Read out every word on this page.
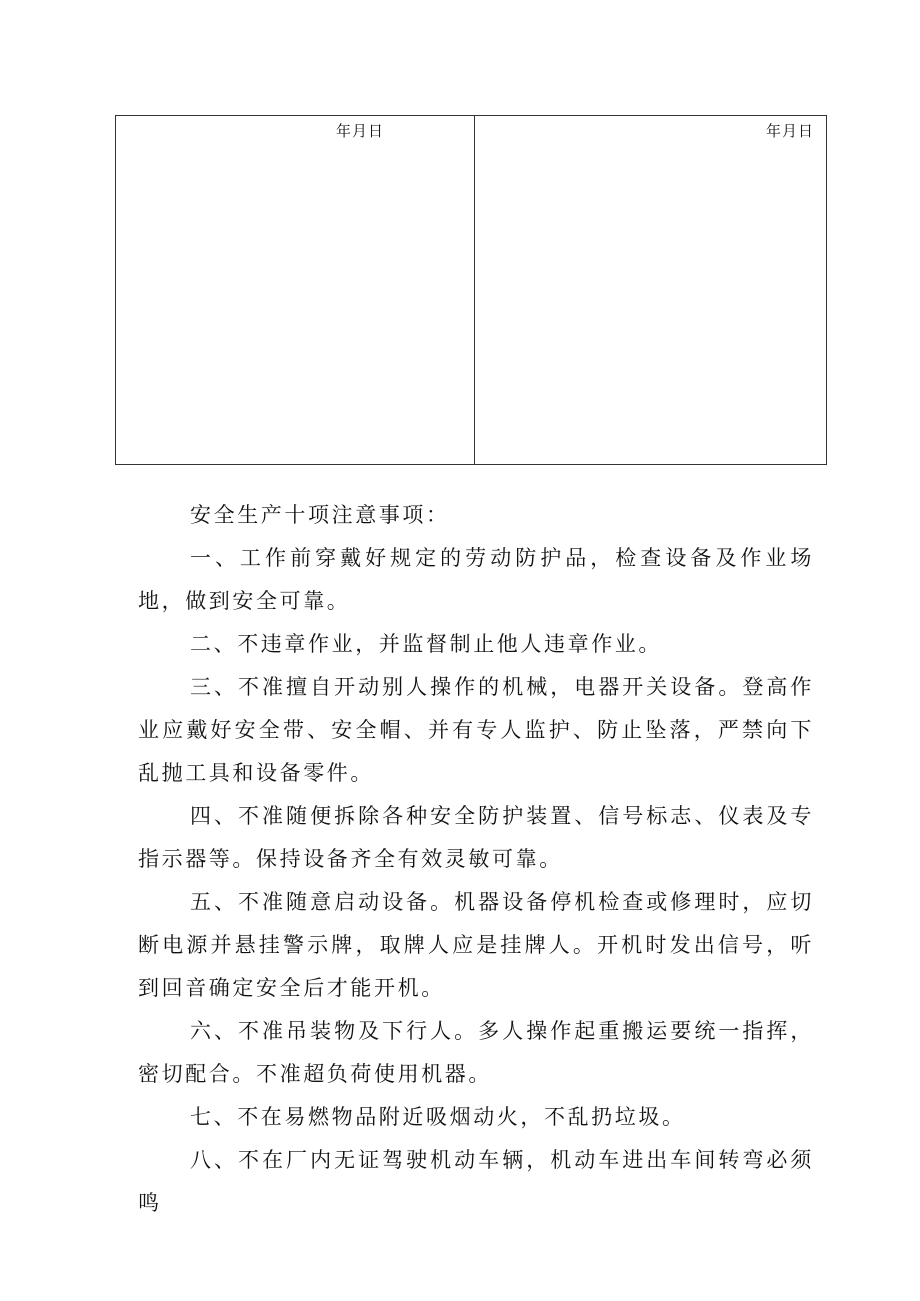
年月日	年月日

安全生产十项注意事项：

一、工作前穿戴好规定的劳动防护品，检查设备及作业场地，做到安全可靠。

二、不违章作业，并监督制止他人违章作业。

三、不准擅自开动别人操作的机械，电器开关设备。登高作业应戴好安全带、安全帽、并有专人监护、防止坠落，严禁向下乱抛工具和设备零件。

四、不准随便拆除各种安全防护装置、信号标志、仪表及专指示器等。保持设备齐全有效灵敏可靠。

五、不准随意启动设备。机器设备停机检查或修理时，应切断电源并悬挂警示牌，取牌人应是挂牌人。开机时发出信号，听到回音确定安全后才能开机。

六、不准吊装物及下行人。多人操作起重搬运要统一指挥，密切配合。不准超负荷使用机器。

七、不在易燃物品附近吸烟动火，不乱扔垃圾。

八、不在厂内无证驾驶机动车辆，机动车进出车间转弯必须鸣
